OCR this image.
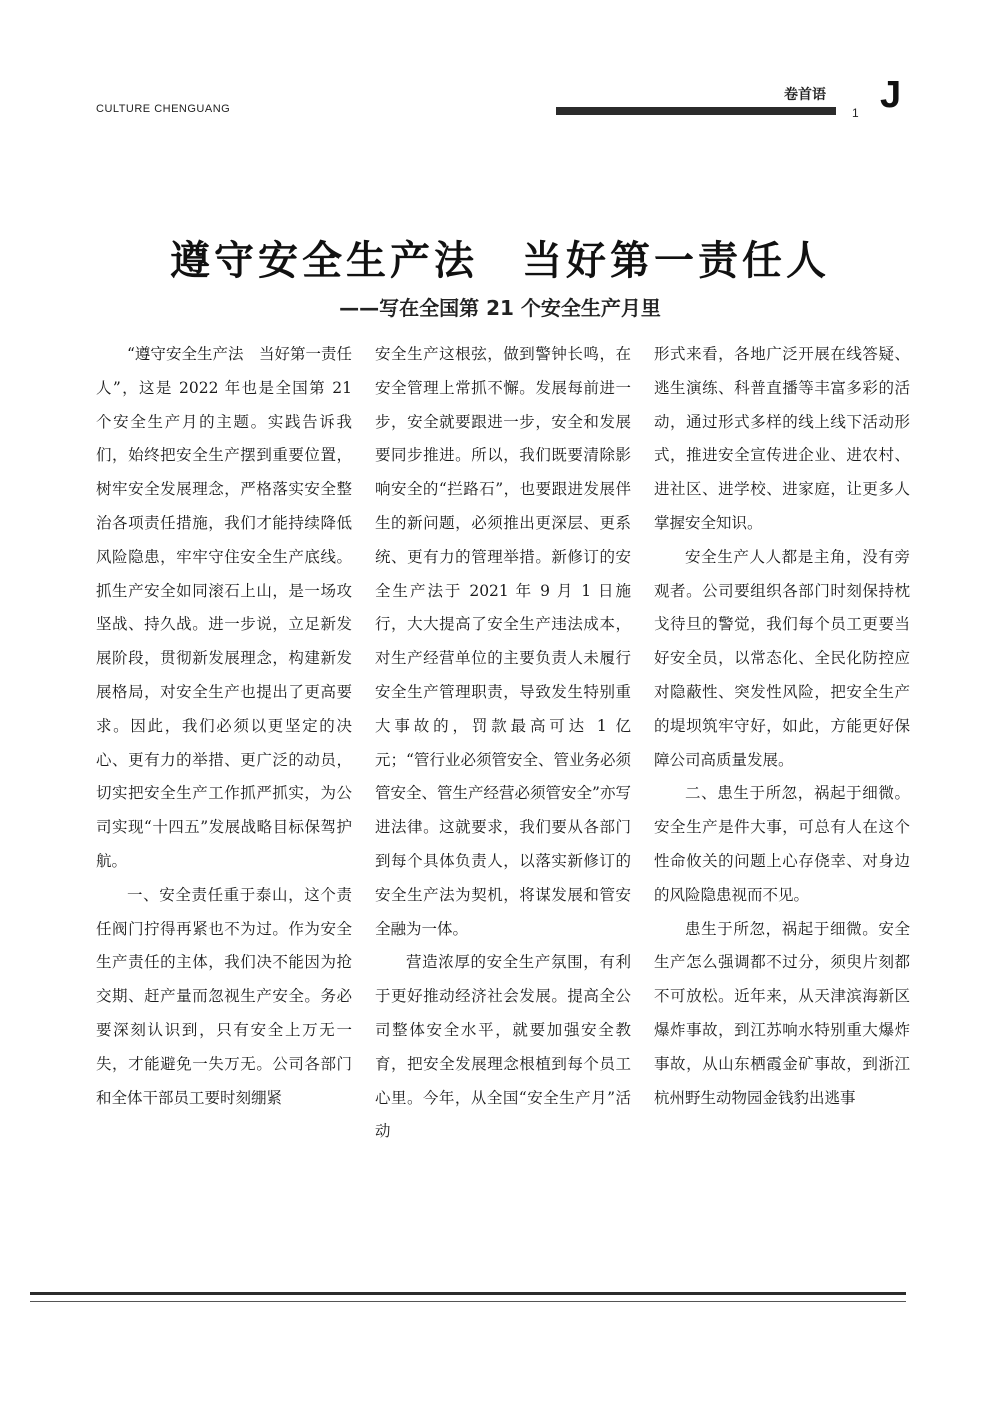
CULTURE CHENGUANG
卷首语
1 J
遵守安全生产法　当好第一责任人
——写在全国第 21 个安全生产月里

“遵守安全生产法　当好第一责任人”，这是 2022 年也是全国第 21 个安全生产月的主题。实践告诉我们，始终把安全生产摆到重要位置，树牢安全发展理念，严格落实安全整治各项责任措施，我们才能持续降低风险隐患，牢牢守住安全生产底线。抓生产安全如同滚石上山，是一场攻坚战、持久战。进一步说，立足新发展阶段，贯彻新发展理念，构建新发展格局，对安全生产也提出了更高要求。因此，我们必须以更坚定的决心、更有力的举措、更广泛的动员，切实把安全生产工作抓严抓实，为公司实现“十四五”发展战略目标保驾护航。

一、安全责任重于泰山，这个责任阀门拧得再紧也不为过。作为安全生产责任的主体，我们决不能因为抢交期、赶产量而忽视生产安全。务必要深刻认识到，只有安全上万无一失，才能避免一失万无。公司各部门和全体干部员工要时刻绷紧

安全生产这根弦，做到警钟长鸣，在安全管理上常抓不懈。发展每前进一步，安全就要跟进一步，安全和发展要同步推进。所以，我们既要清除影响安全的“拦路石”，也要跟进发展伴生的新问题，必须推出更深层、更系统、更有力的管理举措。新修订的安全生产法于 2021 年 9 月 1 日施行，大大提高了安全生产违法成本，对生产经营单位的主要负责人未履行安全生产管理职责，导致发生特别重大事故的，罚款最高可达 1 亿元；“管行业必须管安全、管业务必须管安全、管生产经营必须管安全”亦写进法律。这就要求，我们要从各部门到每个具体负责人，以落实新修订的安全生产法为契机，将谋发展和管安全融为一体。

营造浓厚的安全生产氛围，有利于更好推动经济社会发展。提高全公司整体安全水平，就要加强安全教育，把安全发展理念根植到每个员工心里。今年，从全国“安全生产月”活动

形式来看，各地广泛开展在线答疑、逃生演练、科普直播等丰富多彩的活动，通过形式多样的线上线下活动形式，推进安全宣传进企业、进农村、进社区、进学校、进家庭，让更多人掌握安全知识。

安全生产人人都是主角，没有旁观者。公司要组织各部门时刻保持枕戈待旦的警觉，我们每个员工更要当好安全员，以常态化、全民化防控应对隐蔽性、突发性风险，把安全生产的堤坝筑牢守好，如此，方能更好保障公司高质量发展。

二、患生于所忽，祸起于细微。安全生产是件大事，可总有人在这个性命攸关的问题上心存侥幸、对身边的风险隐患视而不见。

患生于所忽，祸起于细微。安全生产怎么强调都不过分，须臾片刻都不可放松。近年来，从天津滨海新区爆炸事故，到江苏响水特别重大爆炸事故，从山东栖霞金矿事故，到浙江杭州野生动物园金钱豹出逃事
